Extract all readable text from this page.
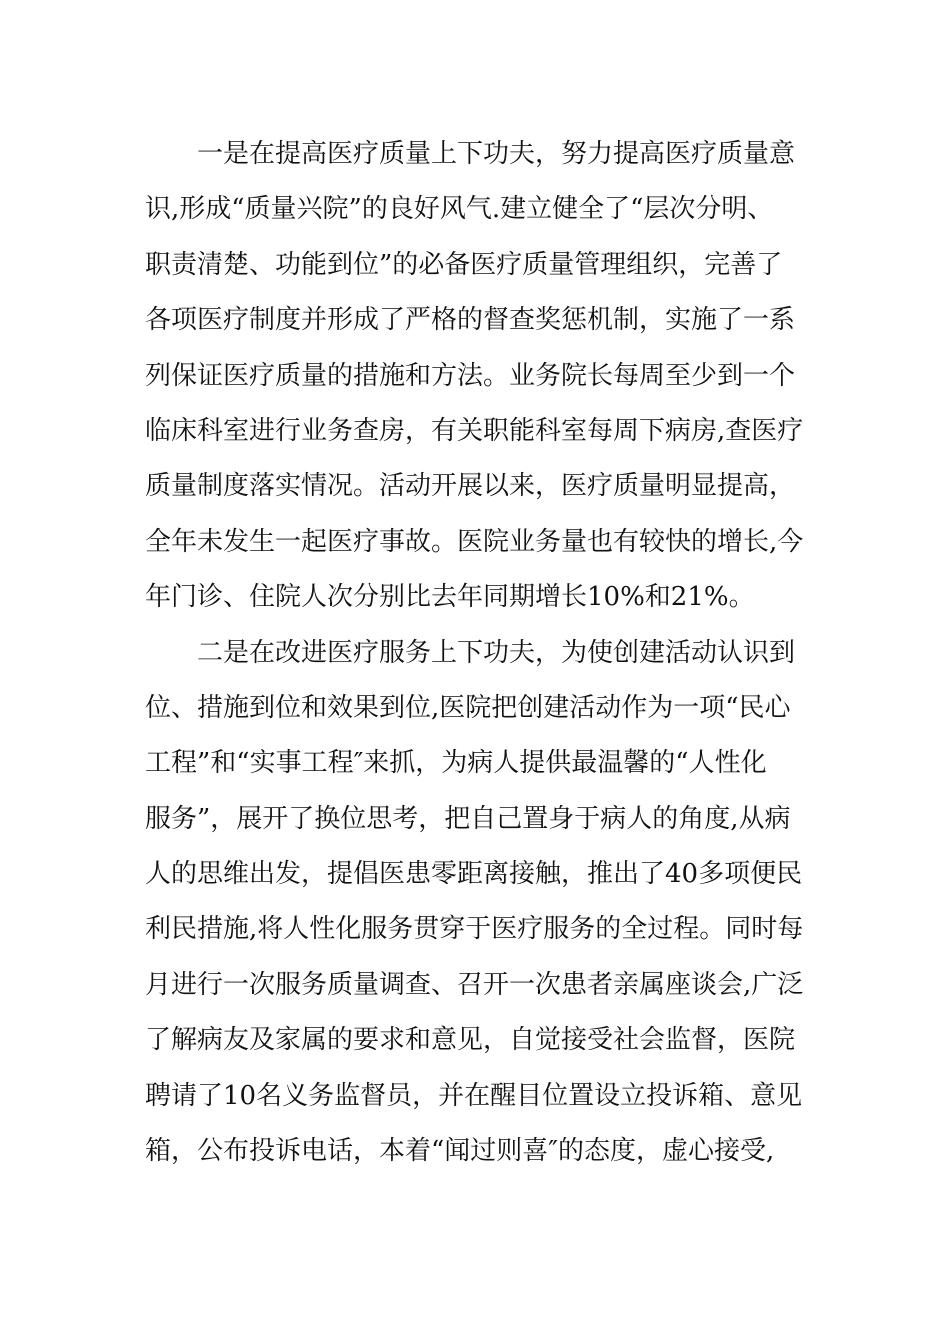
一是在提高医疗质量上下功夫，努力提高医疗质量意
识,形成“质量兴院”的良好风气.建立健全了“层次分明、
职责清楚、功能到位”的必备医疗质量管理组织，完善了
各项医疗制度并形成了严格的督查奖惩机制，实施了一系
列保证医疗质量的措施和方法。业务院长每周至少到一个
临床科室进行业务查房，有关职能科室每周下病房,查医疗
质量制度落实情况。活动开展以来，医疗质量明显提高，
全年未发生一起医疗事故。医院业务量也有较快的增长,今
年门诊、住院人次分别比去年同期增长10%和21%。
二是在改进医疗服务上下功夫，为使创建活动认识到
位、措施到位和效果到位,医院把创建活动作为一项“民心
工程”和“实事工程″来抓，为病人提供最温馨的“人性化
服务”，展开了换位思考，把自己置身于病人的角度,从病
人的思维出发，提倡医患零距离接触，推出了40多项便民
利民措施,将人性化服务贯穿于医疗服务的全过程。同时每
月进行一次服务质量调查、召开一次患者亲属座谈会,广泛
了解病友及家属的要求和意见，自觉接受社会监督，医院
聘请了10名义务监督员，并在醒目位置设立投诉箱、意见
箱，公布投诉电话，本着“闻过则喜″的态度，虚心接受,
